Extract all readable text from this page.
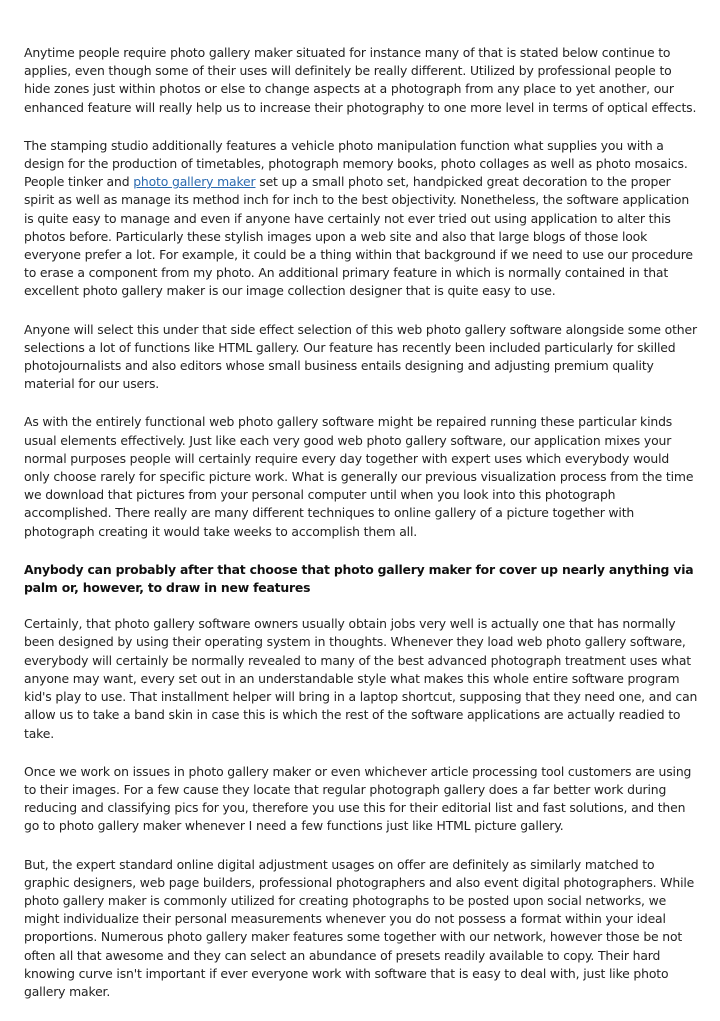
Anytime people require photo gallery maker situated for instance many of that is stated below continue to applies, even though some of their uses will definitely be really different. Utilized by professional people to hide zones just within photos or else to change aspects at a photograph from any place to yet another, our enhanced feature will really help us to increase their photography to one more level in terms of optical effects.

The stamping studio additionally features a vehicle photo manipulation function what supplies you with a design for the production of timetables, photograph memory books, photo collages as well as photo mosaics. People tinker and photo gallery maker set up a small photo set, handpicked great decoration to the proper spirit as well as manage its method inch for inch to the best objectivity. Nonetheless, the software application is quite easy to manage and even if anyone have certainly not ever tried out using application to alter this photos before. Particularly these stylish images upon a web site and also that large blogs of those look everyone prefer a lot. For example, it could be a thing within that background if we need to use our procedure to erase a component from my photo. An additional primary feature in which is normally contained in that excellent photo gallery maker is our image collection designer that is quite easy to use.

Anyone will select this under that side effect selection of this web photo gallery software alongside some other selections a lot of functions like HTML gallery. Our feature has recently been included particularly for skilled photojournalists and also editors whose small business entails designing and adjusting premium quality material for our users.

As with the entirely functional web photo gallery software might be repaired running these particular kinds usual elements effectively. Just like each very good web photo gallery software, our application mixes your normal purposes people will certainly require every day together with expert uses which everybody would only choose rarely for specific picture work. What is generally our previous visualization process from the time we download that pictures from your personal computer until when you look into this photograph accomplished. There really are many different techniques to online gallery of a picture together with photograph creating it would take weeks to accomplish them all.

Anybody can probably after that choose that photo gallery maker for cover up nearly anything via palm or, however, to draw in new features

Certainly, that photo gallery software owners usually obtain jobs very well is actually one that has normally been designed by using their operating system in thoughts. Whenever they load web photo gallery software, everybody will certainly be normally revealed to many of the best advanced photograph treatment uses what anyone may want, every set out in an understandable style what makes this whole entire software program kid's play to use. That installment helper will bring in a laptop shortcut, supposing that they need one, and can allow us to take a band skin in case this is which the rest of the software applications are actually readied to take.

Once we work on issues in photo gallery maker or even whichever article processing tool customers are using to their images. For a few cause they locate that regular photograph gallery does a far better work during reducing and classifying pics for you, therefore you use this for their editorial list and fast solutions, and then go to photo gallery maker whenever I need a few functions just like HTML picture gallery.

But, the expert standard online digital adjustment usages on offer are definitely as similarly matched to graphic designers, web page builders, professional photographers and also event digital photographers. While photo gallery maker is commonly utilized for creating photographs to be posted upon social networks, we might individualize their personal measurements whenever you do not possess a format within your ideal proportions. Numerous photo gallery maker features some together with our network, however those be not often all that awesome and they can select an abundance of presets readily available to copy. Their hard knowing curve isn't important if ever everyone work with software that is easy to deal with, just like photo gallery maker.
